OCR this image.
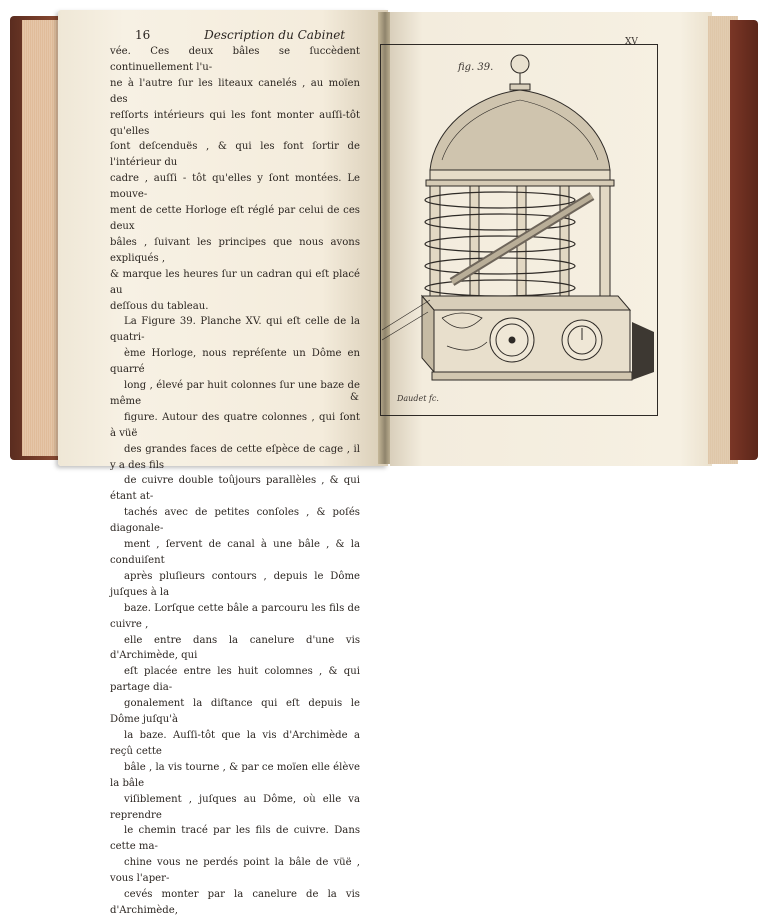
16	Description du Cabinet

vée. Ces deux bâles se ſuccèdent continuellement l'u-
ne à l'autre ſur les liteaux canelés , au moïen des
reſſorts intérieurs qui les font monter auſſi-tôt qu'elles
ſont deſcenduës , & qui les font ſortir de l'intérieur du
cadre , auſſi - tôt qu'elles y ſont montées. Le mouve-
ment de cette Horloge eſt réglé par celui de ces deux
bâles , ſuivant les principes que nous avons expliqués ,
& marque les heures ſur un cadran qui eſt placé au
deſſous du tableau.

La Figure 39. Planche XV. qui eſt celle de la quatri-
ème Horloge, nous repréſente un Dôme en quarré
long , élevé par huit colonnes ſur une baze de même
figure. Autour des quatre colonnes , qui ſont à vüë
des grandes faces de cette eſpèce de cage , il y a des fils
de cuivre double toûjours parallèles , & qui étant at-
tachés avec de petites conſoles , & poſés diagonale-
ment , ſervent de canal à une bâle , & la conduiſent
après pluſieurs contours , depuis le Dôme juſques à la
baze. Lorſque cette bâle a parcouru les fils de cuivre ,
elle entre dans la canelure d'une vis d'Archimède, qui
eſt placée entre les huit colomnes , & qui partage dia-
gonalement la diſtance qui eſt depuis le Dôme juſqu'à
la baze. Auſſi-tôt que la vis d'Archimède a reçû cette
bâle , la vis tourne , & par ce moïen elle élève la bâle
viſiblement , juſques au Dôme, où elle va reprendre
le chemin tracé par les fils de cuivre. Dans cette ma-
chine vous ne perdés point la bâle de vüë , vous l'aper-
cevés monter par la canelure de la vis d'Archimède,

&
XV
fig. 39.
Daudet fc.
